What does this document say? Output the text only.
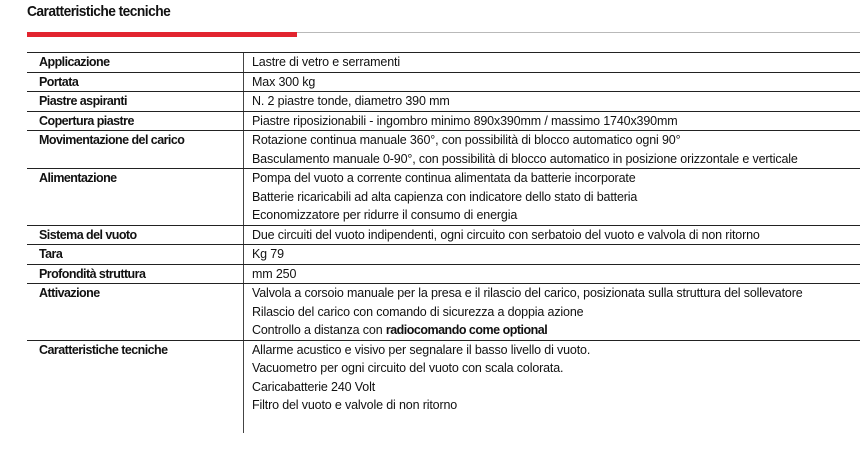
Caratteristiche tecniche
Applicazione	Lastre di vetro e serramenti
Portata	Max 300 kg
Piastre aspiranti	N. 2 piastre tonde, diametro 390 mm
Copertura piastre	Piastre riposizionabili - ingombro minimo 890x390mm / massimo 1740x390mm
Movimentazione del carico	Rotazione continua manuale 360°, con possibilità di blocco automatico ogni 90°
Basculamento manuale 0-90°, con possibilità di blocco automatico in posizione orizzontale e verticale
Alimentazione	Pompa del vuoto a corrente continua alimentata da batterie incorporate
Batterie ricaricabili ad alta capienza con indicatore dello stato di batteria
Economizzatore per ridurre il consumo di energia
Sistema del vuoto	Due circuiti del vuoto indipendenti, ogni circuito con serbatoio del vuoto e valvola di non ritorno
Tara	Kg 79
Profondità struttura	mm 250
Attivazione	Valvola a corsoio manuale per la presa e il rilascio del carico, posizionata sulla struttura del sollevatore
Rilascio del carico con comando di sicurezza a doppia azione
Controllo a distanza con radiocomando come optional
Caratteristiche tecniche	Allarme acustico e visivo per segnalare il basso livello di vuoto.
Vacuometro per ogni circuito del vuoto con scala colorata.
Caricabatterie 240 Volt
Filtro del vuoto e valvole di non ritorno
